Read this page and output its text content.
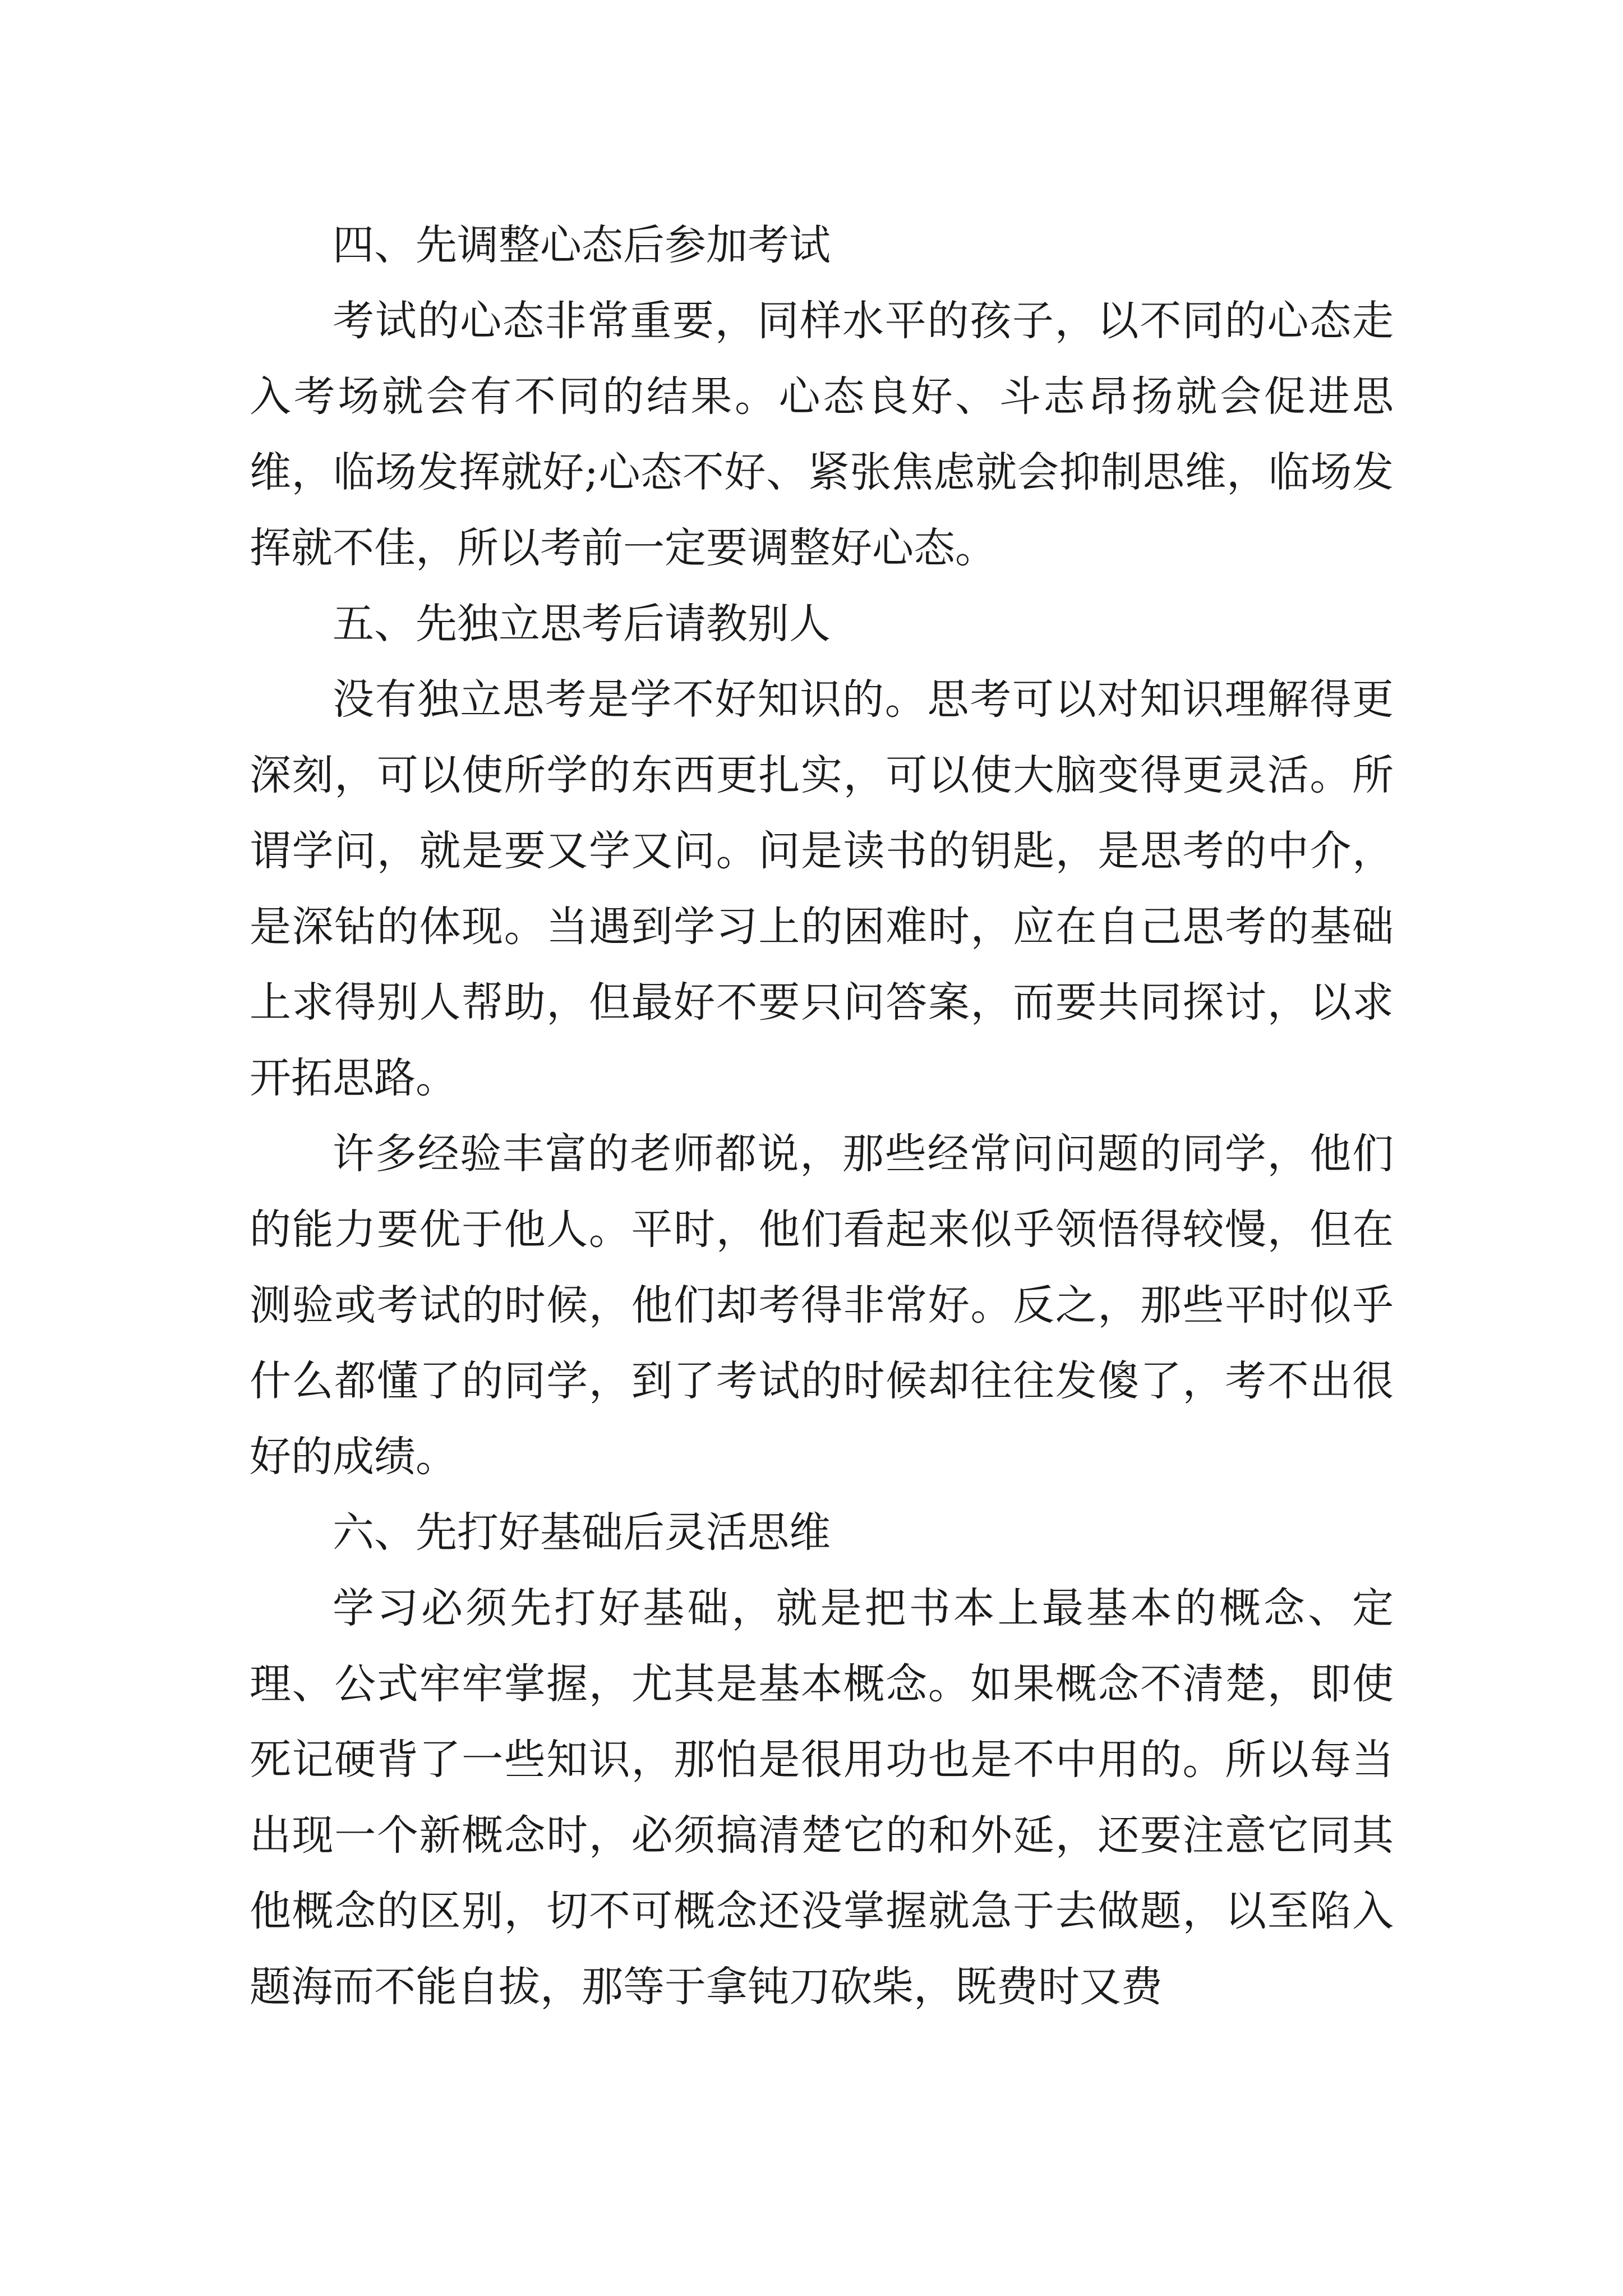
四、先调整心态后参加考试

考试的心态非常重要，同样水平的孩子，以不同的心态走入考场就会有不同的结果。心态良好、斗志昂扬就会促进思维，临场发挥就好;心态不好、紧张焦虑就会抑制思维，临场发挥就不佳，所以考前一定要调整好心态。

五、先独立思考后请教别人

没有独立思考是学不好知识的。思考可以对知识理解得更深刻，可以使所学的东西更扎实，可以使大脑变得更灵活。所谓学问，就是要又学又问。问是读书的钥匙，是思考的中介，是深钻的体现。当遇到学习上的困难时，应在自己思考的基础上求得别人帮助，但最好不要只问答案，而要共同探讨，以求开拓思路。

许多经验丰富的老师都说，那些经常问问题的同学，他们的能力要优于他人。平时，他们看起来似乎领悟得较慢，但在测验或考试的时候，他们却考得非常好。反之，那些平时似乎什么都懂了的同学，到了考试的时候却往往发傻了，考不出很好的成绩。

六、先打好基础后灵活思维

学习必须先打好基础，就是把书本上最基本的概念、定理、公式牢牢掌握，尤其是基本概念。如果概念不清楚，即使死记硬背了一些知识，那怕是很用功也是不中用的。所以每当出现一个新概念时，必须搞清楚它的和外延，还要注意它同其他概念的区别，切不可概念还没掌握就急于去做题，以至陷入题海而不能自拔，那等于拿钝刀砍柴，既费时又费
